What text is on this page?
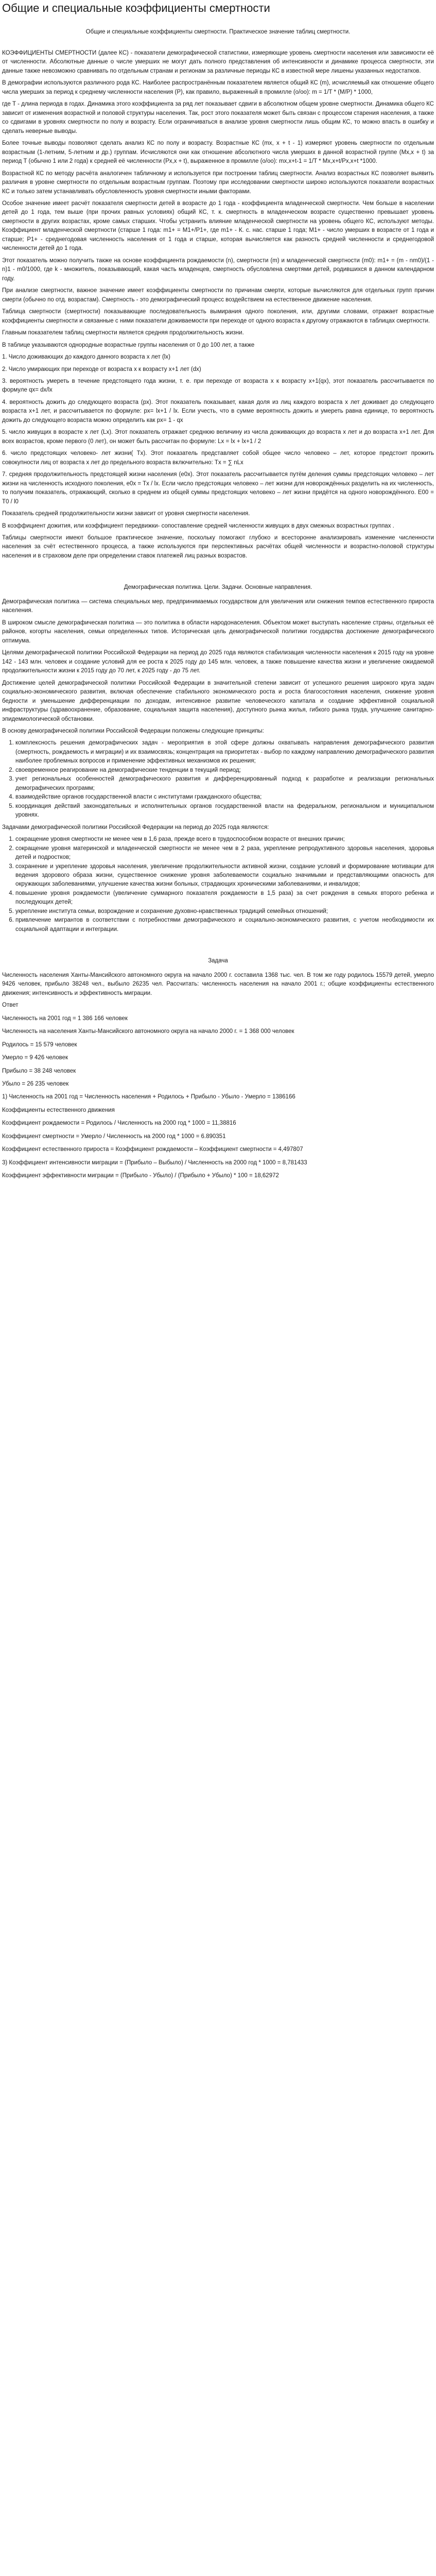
Общие и специальные коэффициенты смертности

Общие и специальные коэффициенты смертности. Практическое значение таблиц смертности.

КОЭФФИЦИЕНТЫ СМЕРТНОСТИ (далее КС) - показатели демографической статистики, измеряющие уровень смертности населения или зависимости её от численности. Абсолютные данные о числе умерших не могут дать полного представления об интенсивности и динамике процесса смертности, эти данные также невозможно сравнивать по отдельным странам и регионам за различные периоды КС в известной мере лишены указанных недостатков.

В демографии используются различного рода КС. Наиболее распространённым показателем является общий КС (m), исчисляемый как отношение общего числа умерших за период к среднему численности населения (P), как правило, выраженный в промилле (о/оо): m = 1/T * (M/P) * 1000,

где T - длина периода в годах. Динамика этого коэффициента за ряд лет показывает сдвиги в абсолютном общем уровне смертности. Динамика общего КС зависит от изменения возрастной и половой структуры населения. Так, рост этого показателя может быть связан с процессом старения населения, а также со сдвигами в уровнях смертности по полу и возрасту. Если ограничиваться в анализе уровня смертности лишь общим КС, то можно впасть в ошибку и сделать неверные выводы.

Более точные выводы позволяют сделать анализ КС по полу и возрасту. Возрастные КС (mx, x + t - 1) измеряют уровень смертности по отдельным возрастным (1-летним, 5-летним и др.) группам. Исчисляются они как отношение абсолютного числа умерших в данной возрастной группе (Mx,x + t) за период T (обычно 1 или 2 года) к средней её численности (Px,x + t), выраженное в промилле (о/оо): mx,x+t-1 = 1/T * Mx,x+t/Px,x+t *1000.

Возрастной КС по методу расчёта аналогичен табличному и используется при построении таблиц смертности. Анализ возрастных КС позволяет выявить различия в уровне смертности по отдельным возрастным группам. Поэтому при исследовании смертности широко используются показатели возрастных КС и только затем устанавливать обусловленность уровня смертности иными факторами.

Особое значение имеет расчёт показателя смертности детей в возрасте до 1 года - коэффициента младенческой смертности. Чем больше в населении детей до 1 года, тем выше (при прочих равных условиях) общий КС, т. к. смертность в младенческом возрасте существенно превышает уровень смертности в других возрастах, кроме самых старших. Чтобы устранить влияние младенческой смертности на уровень общего КС, используют методы. Коэффициент младенческой смертности (старше 1 года: m1+ = M1+/P1+, где m1+ - К. с. нас. старше 1 года; M1+ - число умерших в возрасте от 1 года и старше; P1+ - среднегодовая численность населения от 1 года и старше, которая вычисляется как разность средней численности и среднегодовой численности детей до 1 года.

Этот показатель можно получить также на основе коэффициента рождаемости (n), смертности (m) и младенческой смертности (m0): m1+ = (m - nm0)/(1 - n)1 - m0/1000, где k - множитель, показывающий, какая часть младенцев, смертность обусловлена смертями детей, родившихся в данном календарном году.

При анализе смертности, важное значение имеет коэффициенты смертности по причинам смерти, которые вычисляются для отдельных групп причин смерти (обычно по отд. возрастам). Смертность - это демографический процесс воздействием на естественное движение населения.

Таблица смертности (смертности) показывающие последовательность вымирания одного поколения, или, другими словами, отражает возрастные коэффициенты смертности и связанные с ними показатели доживаемости при переходе от одного возраста к другому отражаются в таблицах смертности.

Главным показателем таблиц смертности является средняя продолжительность жизни.

В таблице указываются однородные возрастные группы населения от 0 до 100 лет, а также

1. Число доживающих до каждого данного возраста x лет (lx)

2. Число умирающих при переходе от возраста x к возрасту x+1 лет (dx)

3. вероятность умереть в течение предстоящего года жизни, т. е. при переходе от возраста x к возрасту x+1(qx), этот показатель рассчитывается по формуле qx= dx/lx

4. вероятность дожить до следующего возраста (px). Этот показатель показывает, какая доля из лиц каждого возраста x лет доживает до следующего возраста x+1 лет, и рассчитывается по формуле: px= lx+1 / lx. Если учесть, что в сумме вероятность дожить и умереть равна единице, то вероятность дожить до следующего возраста можно определить как px= 1 - qx

5. число живущих в возрасте x лет (Lx). Этот показатель отражает среднюю величину из числа доживающих до возраста x лет и до возраста x+1 лет. Для всех возрастов, кроме первого (0 лет), он может быть рассчитан по формуле: Lx = lx + lx+1 / 2

6. число предстоящих человеко- лет жизни( Tx). Этот показатель представляет собой общее число человеко – лет, которое предстоит прожить совокупности лиц от возраста x лет до предельного возраста включительно: Tx = ∑ nLx

7. средняя продолжительность предстоящей жизни населения (e0x). Этот показатель рассчитывается путём деления суммы предстоящих человеко – лет жизни на численность исходного поколения, e0x = Tx / lx. Если число предстоящих человеко – лет жизни для новорождённых разделить на их численность, то получим показатель, отражающий, сколько в среднем из общей суммы предстоящих человеко – лет жизни придётся на одного новорождённого. E00 = T0 / l0

Показатель средней продолжительности жизни зависит от уровня смертности населения.

В коэффициент дожития, или коэффициент передвижки- сопоставление средней численности живущих в двух смежных возрастных группах .

Таблицы смертности имеют большое практическое значение, поскольку помогают глубоко и всесторонне анализировать изменение численности населения за счёт естественного процесса, а также используются при перспективных расчётах общей численности и возрастно-половой структуры населения и в страховом деле при определении ставок платежей лиц разных возрастов.

Демографическая политика. Цели. Задачи. Основные направления.

Демографическая политика — система специальных мер, предпринимаемых государством для увеличения или снижения темпов естественного прироста населения.

В широком смысле демографическая политика — это политика в области народонаселения. Объектом может выступать население страны, отдельных её районов, когорты населения, семьи определенных типов. Историческая цель демографической политики государства достижение демографического оптимума.

Целями демографической политики Российской Федерации на период до 2025 года являются стабилизация численности населения к 2015 году на уровне 142 - 143 млн. человек и создание условий для ее роста к 2025 году до 145 млн. человек, а также повышение качества жизни и увеличение ожидаемой продолжительности жизни к 2015 году до 70 лет, к 2025 году - до 75 лет.

Достижение целей демографической политики Российской Федерации в значительной степени зависит от успешного решения широкого круга задач социально-экономического развития, включая обеспечение стабильного экономического роста и роста благосостояния населения, снижение уровня бедности и уменьшение дифференциации по доходам, интенсивное развитие человеческого капитала и создание эффективной социальной инфраструктуры (здравоохранение, образование, социальная защита населения), доступного рынка жилья, гибкого рынка труда, улучшение санитарно-эпидемиологической обстановки.

В основу демографической политики Российской Федерации положены следующие принципы:

1. комплексность решения демографических задач - мероприятия в этой сфере должны охватывать направления демографического развития (смертность, рождаемость и миграции) и их взаимосвязь; концентрация на приоритетах - выбор по каждому направлению демографического развития наиболее проблемных вопросов и применение эффективных механизмов их решения;
2. своевременное реагирование на демографические тенденции в текущий период;
3. учет региональных особенностей демографического развития и дифференцированный подход к разработке и реализации региональных демографических программ;
4. взаимодействие органов государственной власти с институтами гражданского общества;
5. координация действий законодательных и исполнительных органов государственной власти на федеральном, региональном и муниципальном уровнях.

Задачами демографической политики Российской Федерации на период до 2025 года являются:

1. сокращение уровня смертности не менее чем в 1,6 раза, прежде всего в трудоспособном возрасте от внешних причин;
2. сокращение уровня материнской и младенческой смертности не менее чем в 2 раза, укрепление репродуктивного здоровья населения, здоровья детей и подростков;
3. сохранение и укрепление здоровья населения, увеличение продолжительности активной жизни, создание условий и формирование мотивации для ведения здорового образа жизни, существенное снижение уровня заболеваемости социально значимыми и представляющими опасность для окружающих заболеваниями, улучшение качества жизни больных, страдающих хроническими заболеваниями, и инвалидов;
4. повышение уровня рождаемости (увеличение суммарного показателя рождаемости в 1,5 раза) за счет рождения в семьях второго ребенка и последующих детей;
5. укрепление института семьи, возрождение и сохранение духовно-нравственных традиций семейных отношений;
6. привлечение мигрантов в соответствии с потребностями демографического и социально-экономического развития, с учетом необходимости их социальной адаптации и интеграции.

Задача

Численность населения Ханты-Мансийского автономного округа на начало 2000 г. составила 1368 тыс. чел. В том же году родилось 15579 детей, умерло 9426 человек, прибыло 38248 чел., выбыло 26235 чел. Рассчитать: численность населения на начало 2001 г.; общие коэффициенты естественного движения; интенсивность и эффективность миграции.

Ответ

Численность на 2001 год = 1 386 166 человек

Численность на населения Ханты-Мансийского автономного округа на начало 2000 г. = 1 368 000 человек

Родилось = 15 579 человек

Умерло = 9 426 человек

Прибыло = 38 248 человек

Убыло = 26 235 человек

1) Численность на 2001 год = Численность населения + Родилось + Прибыло - Убыло - Умерло = 1386166

Коэффициенты естественного движения

Коэффициент рождаемости = Родилось / Численность на 2000 год * 1000 = 11,38816

Коэффициент смертности = Умерло / Численность на 2000 год * 1000 = 6.890351

Коэффициент естественного прироста = Коэффициент рождаемости – Коэффициент смертности = 4,497807

3) Коэффициент интенсивности миграции = (Прибыло – Выбыло) / Численность на 2000 год * 1000 = 8,781433

Коэффициент эффективности миграции = (Прибыло - Убыло) / (Прибыло + Убыло) * 100 = 18,62972
